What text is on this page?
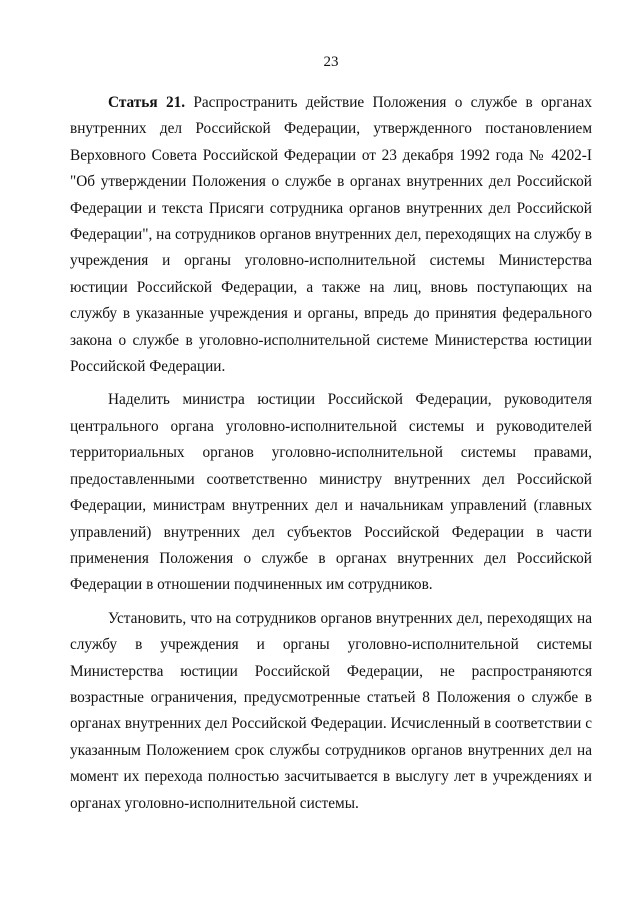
23

Статья 21. Распространить действие Положения о службе в органах внутренних дел Российской Федерации, утвержденного постановлением Верховного Совета Российской Федерации от 23 декабря 1992 года № 4202-I "Об утверждении Положения о службе в органах внутренних дел Российской Федерации и текста Присяги сотрудника органов внутренних дел Российской Федерации", на сотрудников органов внутренних дел, переходящих на службу в учреждения и органы уголовно-исполнительной системы Министерства юстиции Российской Федерации, а также на лиц, вновь поступающих на службу в указанные учреждения и органы, впредь до принятия федерального закона о службе в уголовно-исполнительной системе Министерства юстиции Российской Федерации.

Наделить министра юстиции Российской Федерации, руководителя центрального органа уголовно-исполнительной системы и руководителей территориальных органов уголовно-исполнительной системы правами, предоставленными соответственно министру внутренних дел Российской Федерации, министрам внутренних дел и начальникам управлений (главных управлений) внутренних дел субъектов Российской Федерации в части применения Положения о службе в органах внутренних дел Российской Федерации в отношении подчиненных им сотрудников.

Установить, что на сотрудников органов внутренних дел, переходящих на службу в учреждения и органы уголовно-исполнительной системы Министерства юстиции Российской Федерации, не распространяются возрастные ограничения, предусмотренные статьей 8 Положения о службе в органах внутренних дел Российской Федерации. Исчисленный в соответствии с указанным Положением срок службы сотрудников органов внутренних дел на момент их перехода полностью засчитывается в выслугу лет в учреждениях и органах уголовно-исполнительной системы.
